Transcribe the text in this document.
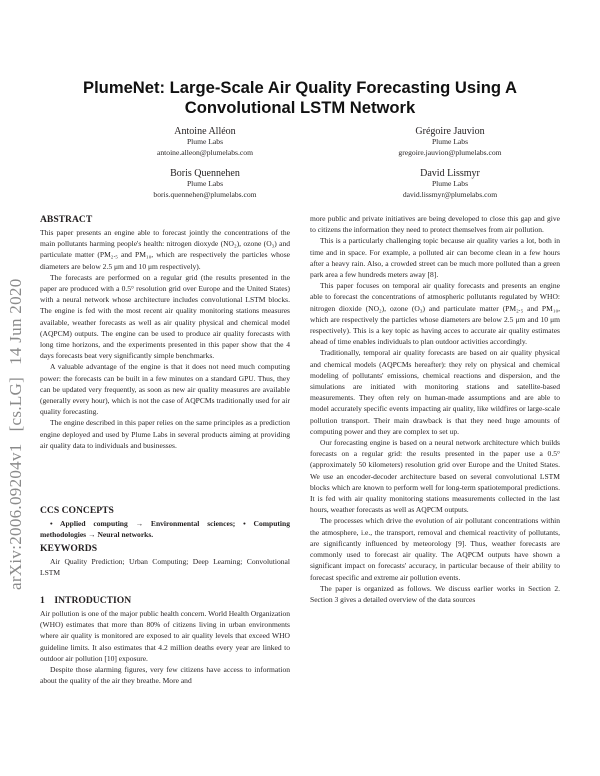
arXiv:2006.09204v1[cs.LG]14 Jun 2020
PlumeNet: Large-Scale Air Quality Forecasting Using A
Convolutional LSTM Network
Antoine Alléon
Plume Labs
antoine.alleon@plumelabs.com
Grégoire Jauvion
Plume Labs
gregoire.jauvion@plumelabs.com
Boris Quennehen
Plume Labs
boris.quennehen@plumelabs.com
David Lissmyr
Plume Labs
david.lissmyr@plumelabs.com
ABSTRACT

This paper presents an engine able to forecast jointly the concentrations of the main pollutants harming people's health: nitrogen dioxyde (NO₂), ozone (O₃) and particulate matter (PM₂.₅ and PM₁₀, which are respectively the particles whose diameters are below 2.5 μm and 10 μm respectively).

The forecasts are performed on a regular grid (the results presented in the paper are produced with a 0.5° resolution grid over Europe and the United States) with a neural network whose architecture includes convolutional LSTM blocks. The engine is fed with the most recent air quality monitoring stations measures available, weather forecasts as well as air quality physical and chemical model (AQPCM) outputs. The engine can be used to produce air quality forecasts with long time horizons, and the experiments presented in this paper show that the 4 days forecasts beat very significantly simple benchmarks.

A valuable advantage of the engine is that it does not need much computing power: the forecasts can be built in a few minutes on a standard GPU. Thus, they can be updated very frequently, as soon as new air quality measures are available (generally every hour), which is not the case of AQPCMs traditionally used for air quality forecasting.

The engine described in this paper relies on the same principles as a prediction engine deployed and used by Plume Labs in several products aiming at providing air quality data to individuals and businesses.

CCS CONCEPTS
• Applied computing → Environmental sciences; • Computing methodologies → Neural networks.
KEYWORDS

Air Quality Prediction; Urban Computing; Deep Learning; Convolutional LSTM

1    INTRODUCTION

Air pollution is one of the major public health concern. World Health Organization (WHO) estimates that more than 80% of citizens living in urban environments where air quality is monitored are exposed to air quality levels that exceed WHO guideline limits. It also estimates that 4.2 million deaths every year are linked to outdoor air pollution [10] exposure.

Despite those alarming figures, very few citizens have access to information about the quality of the air they breathe. More and

more public and private initiatives are being developed to close this gap and give to citizens the information they need to protect themselves from air pollution.

This is a particularly challenging topic because air quality varies a lot, both in time and in space. For example, a polluted air can become clean in a few hours after a heavy rain. Also, a crowded street can be much more polluted than a green park area a few hundreds meters away [8].

This paper focuses on temporal air quality forecasts and presents an engine able to forecast the concentrations of atmospheric pollutants regulated by WHO: nitrogen dioxide (NO₂), ozone (O₃) and particulate matter (PM₂.₅ and PM₁₀, which are respectively the particles whose diameters are below 2.5 μm and 10 μm respectively). This is a key topic as having acces to accurate air quality estimates ahead of time enables individuals to plan outdoor activities accordingly.

Traditionally, temporal air quality forecasts are based on air quality physical and chemical models (AQPCMs hereafter): they rely on physical and chemical modeling of pollutants' emissions, chemical reactions and dispersion, and the simulations are initiated with monitoring stations and satellite-based measurements. They often rely on human-made assumptions and are able to model accurately specific events impacting air quality, like wildfires or large-scale pollution transport. Their main drawback is that they need huge amounts of computing power and they are complex to set up.

Our forecasting engine is based on a neural network architecture which builds forecasts on a regular grid: the results presented in the paper use a 0.5° (approximately 50 kilometers) resolution grid over Europe and the United States. We use an encoder-decoder architecture based on several convolutional LSTM blocks which are known to perform well for long-term spatiotemporal predictions. It is fed with air quality monitoring stations measurements collected in the last hours, weather forecasts as well as AQPCM outputs.

The processes which drive the evolution of air pollutant concentrations within the atmosphere, i.e., the transport, removal and chemical reactivity of pollutants, are significantly influenced by meteorology [9]. Thus, weather forecasts are commonly used to forecast air quality. The AQPCM outputs have shown a significant impact on forecasts' accuracy, in particular because of their ability to forecast specific and extreme air pollution events.

The paper is organized as follows. We discuss earlier works in Section 2. Section 3 gives a detailed overview of the data sources
